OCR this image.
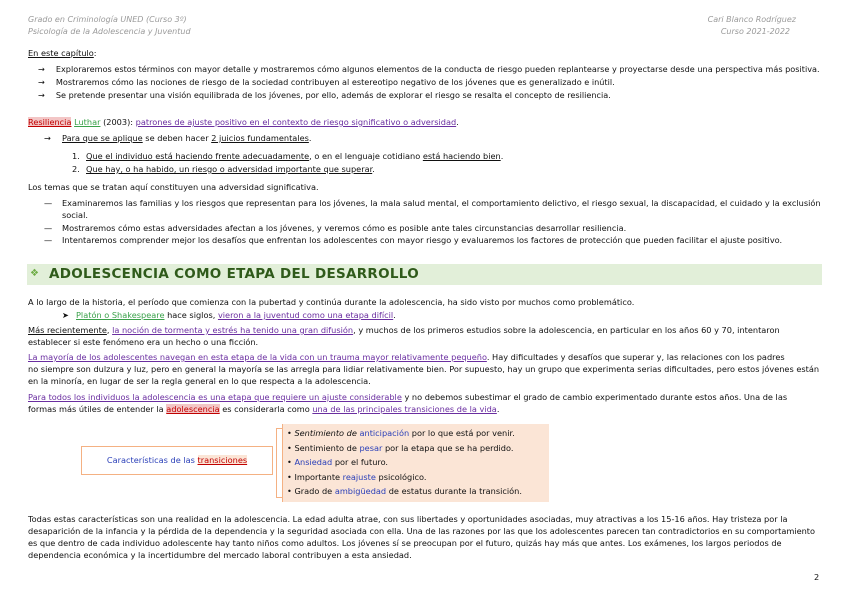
Grado en Criminología UNED (Curso 3º)
Psicología de la Adolescencia y Juventud
Cari Blanco Rodríguez
Curso 2021-2022
En este capítulo:
→ Exploraremos estos términos con mayor detalle y mostraremos cómo algunos elementos de la conducta de riesgo pueden replantearse y proyectarse desde una perspectiva más positiva.
→ Mostraremos cómo las nociones de riesgo de la sociedad contribuyen al estereotipo negativo de los jóvenes que es generalizado e inútil.
→ Se pretende presentar una visión equilibrada de los jóvenes, por ello, además de explorar el riesgo se resalta el concepto de resiliencia.
Resiliencia Luthar (2003): patrones de ajuste positivo en el contexto de riesgo significativo o adversidad.
→ Para que se aplique se deben hacer 2 juicios fundamentales.
1. Que el individuo está haciendo frente adecuadamente, o en el lenguaje cotidiano está haciendo bien.
2. Que hay, o ha habido, un riesgo o adversidad importante que superar.
Los temas que se tratan aquí constituyen una adversidad significativa.
— Examinaremos las familias y los riesgos que representan para los jóvenes, la mala salud mental, el comportamiento delictivo, el riesgo sexual, la discapacidad, el cuidado y la exclusión
social.
— Mostraremos cómo estas adversidades afectan a los jóvenes, y veremos cómo es posible ante tales circunstancias desarrollar resiliencia.
— Intentaremos comprender mejor los desafíos que enfrentan los adolescentes con mayor riesgo y evaluaremos los factores de protección que pueden facilitar el ajuste positivo.
❖ ADOLESCENCIA COMO ETAPA DEL DESARROLLO
A lo largo de la historia, el período que comienza con la pubertad y continúa durante la adolescencia, ha sido visto por muchos como problemático.
➤ Platón o Shakespeare hace siglos, vieron a la juventud como una etapa difícil.
Más recientemente, la noción de tormenta y estrés ha tenido una gran difusión, y muchos de los primeros estudios sobre la adolescencia, en particular en los años 60 y 70, intentaron
establecer si este fenómeno era un hecho o una ficción.
La mayoría de los adolescentes navegan en esta etapa de la vida con un trauma mayor relativamente pequeño. Hay dificultades y desafíos que superar y, las relaciones con los padres
no siempre son dulzura y luz, pero en general la mayoría se las arregla para lidiar relativamente bien. Por supuesto, hay un grupo que experimenta serias dificultades, pero estos jóvenes están
en la minoría, en lugar de ser la regla general en lo que respecta a la adolescencia.
Para todos los individuos la adolescencia es una etapa que requiere un ajuste considerable y no debemos subestimar el grado de cambio experimentado durante estos años. Una de las
formas más útiles de entender la adolescencia es considerarla como una de las principales transiciones de la vida.
Características de las transiciones
• Sentimiento de anticipación por lo que está por venir.
• Sentimiento de pesar por la etapa que se ha perdido.
• Ansiedad por el futuro.
• Importante reajuste psicológico.
• Grado de ambigüedad de estatus durante la transición.
Todas estas características son una realidad en la adolescencia. La edad adulta atrae, con sus libertades y oportunidades asociadas, muy atractivas a los 15-16 años. Hay tristeza por la
desaparición de la infancia y la pérdida de la dependencia y la seguridad asociada con ella. Una de las razones por las que los adolescentes parecen tan contradictorios en su comportamiento
es que dentro de cada individuo adolescente hay tanto niños como adultos. Los jóvenes sí se preocupan por el futuro, quizás hay más que antes. Los exámenes, los largos periodos de
dependencia económica y la incertidumbre del mercado laboral contribuyen a esta ansiedad.
2
